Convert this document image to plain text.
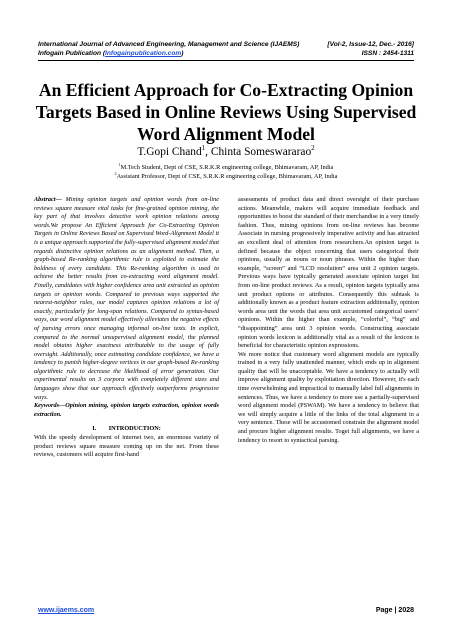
International Journal of Advanced Engineering, Management and Science (IJAEMS)	[Vol-2, Issue-12, Dec.- 2016]
Infogain Publication (Infogainpublication.com)	ISSN : 2454-1311
An Efficient Approach for Co-Extracting Opinion Targets Based in Online Reviews Using Supervised Word Alignment Model
T.Gopi Chand$^1$, Chinta Someswararao$^2$
$^1$M.Tech Student, Dept of CSE, S.R.K.R engineering college, Bhimavaram, AP, India
$^2$Assistant Professor, Dept of CSE, S.R.K.R engineering college, Bhimavaram, AP, India

Abstract— Mining opinion targets and opinion words from on-line reviews square measure vital tasks for fine-grained opinion mining, the key part of that involves detective work opinion relations among words.We propose An Efficient Approach for Co-Extracting Opinion Targets in Online Reviews Based on Supervised Word-Alignment Model it is a unique approach supported the fully-supervised alignment model that regards distinctive opinion relations as an alignment method. Then, a graph-based Re-ranking algorithmic rule is exploited to estimate the boldness of every candidate. This Re-ranking algorithm is used to achieve the better results from co-extracting word alignment model. Finally, candidates with higher confidence area unit extracted as opinion targets or opinion words. Compared to previous ways supported the nearest-neighbor rules, our model captures opinion relations a lot of exactly, particularly for long-span relations. Compared to syntax-based ways, our word alignment model effectively alleviates the negative effects of parsing errors once managing informal on-line texts. In explicit, compared to the normal unsupervised alignment model, the planned model obtains higher exactness attributable to the usage of fully oversight. Additionally, once estimating candidate confidence, we have a tendency to punish higher-degree vertices in our graph-based Re-ranking algorithmic rule to decrease the likelihood of error generation. Our experimental results on 3 corpora with completely different sizes and languages show that our approach effectively outperforms progressive ways.

Keywords—Opinion mining, opinion targets extraction, opinion words extraction.

I.        INTRODUCTION:

With the speedy development of internet two, an enormous variety of product reviews square measure coming up on the net. From these reviews, customers will acquire first-hand

assessments of product data and direct oversight of their purchase actions. Meanwhile, makers will acquire immediate feedback and opportunities to boost the standard of their merchandise in a very timely fashion. Thus, mining opinions from on-line reviews has become Associate in nursing progressively imperative activity and has attracted an excellent deal of attention from researchers.An opinion target is defined because the object concerning that users categorical their opinions, usually as nouns or noun phrases. Within the higher than example, “screen” and “LCD resolution” area unit 2 opinion targets. Previous ways have typically generated associate opinion target list from on-line product reviews. As a result, opinion targets typically area unit product options or attributes. Consequently this subtask is additionally known as a product feature extraction additionally, opinion words area unit the words that area unit accustomed categorical users’ opinions. Within the higher than example, “colorful”, “big” and “disappointing” area unit 3 opinion words. Constructing associate opinion words lexicon is additionally vital as a result of the lexicon is beneficial for characteristic opinion expressions.

We more notice that customary word alignment models are typically trained in a very fully unattended manner, which ends up in alignment quality that will be unacceptable. We have a tendency to actually will improve alignment quality by exploitation direction. However, it's each time overwhelming and impractical to manually label full alignments in sentences. Thus, we have a tendency to more use a partially-supervised word alignment model (PSWAM). We have a tendency to believe that we will simply acquire a little of the links of the total alignment in a very sentence. These will be accustomed constrain the alignment model and procure higher alignment results. Toget full alignments, we have a tendency to resort to syntactical parsing.

www.ijaems.com	Page | 2028
